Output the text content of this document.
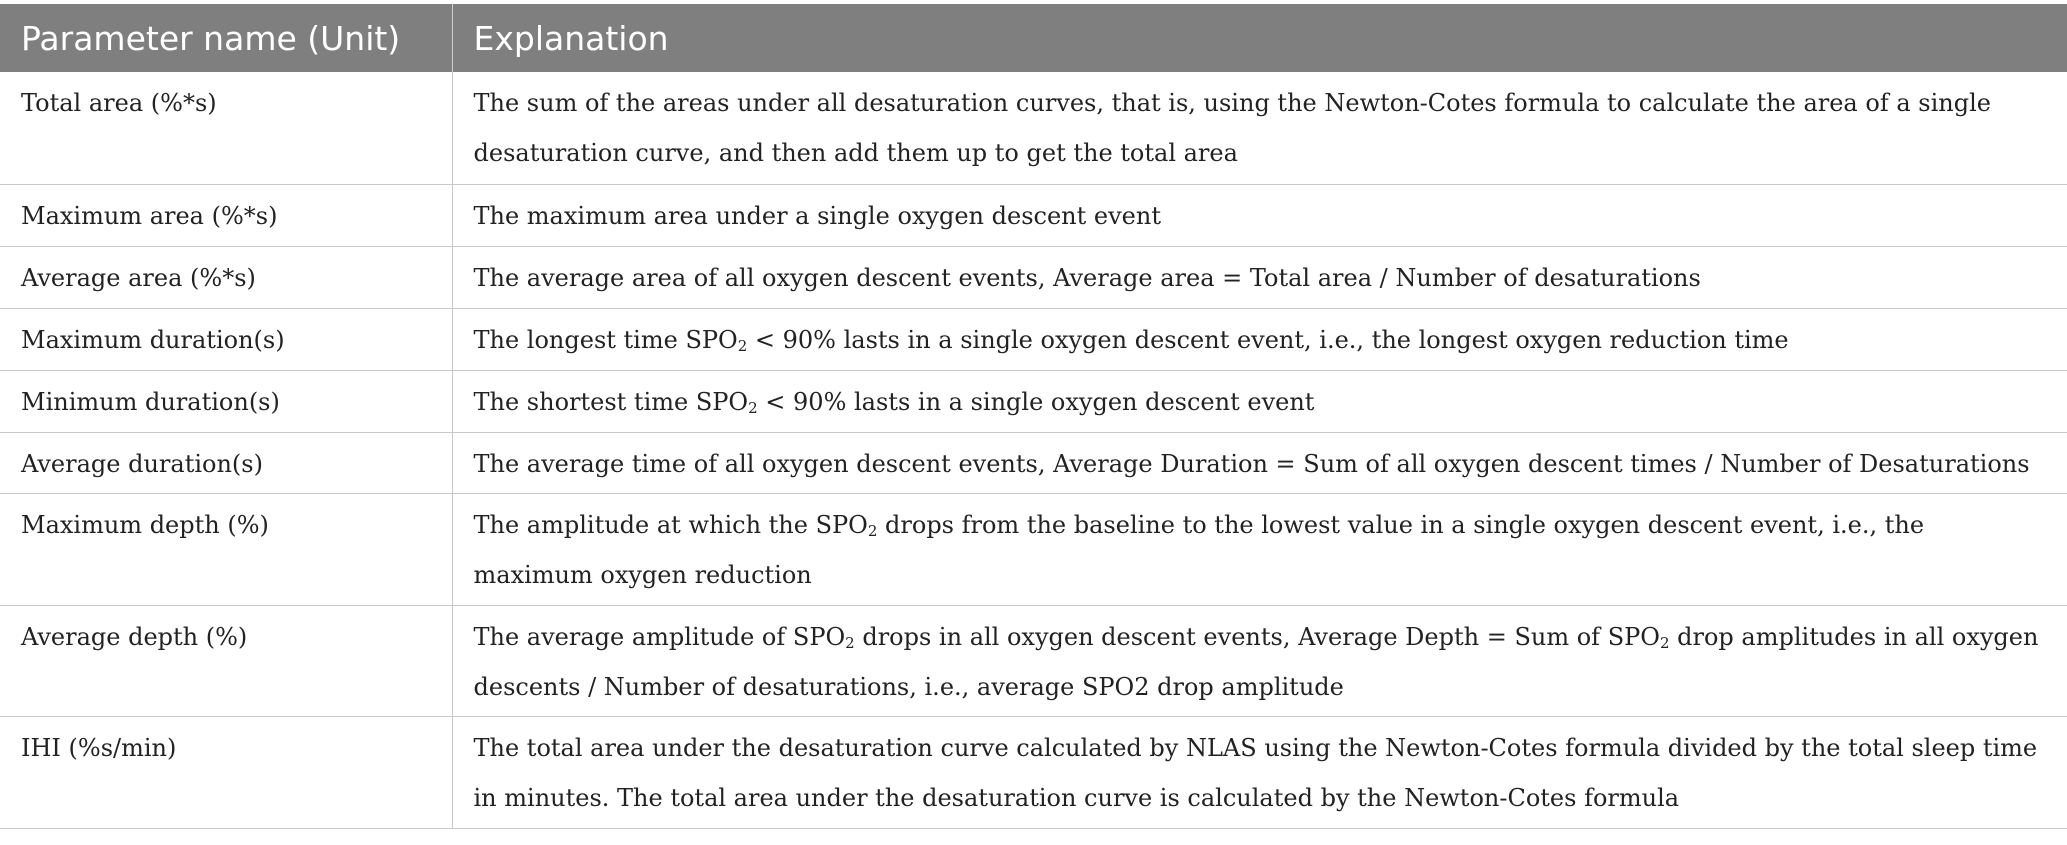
Parameter name (Unit)	Explanation

Total area (%*s)	The sum of the areas under all desaturation curves, that is, using the Newton-Cotes formula to calculate the area of a single desaturation curve, and then add them up to get the total area

Maximum area (%*s)	The maximum area under a single oxygen descent event

Average area (%*s)	The average area of all oxygen descent events, Average area = Total area / Number of desaturations

Maximum duration(s)	The longest time $SPO_2 < 90\%$ lasts in a single oxygen descent event, i.e., the longest oxygen reduction time

Minimum duration(s)	The shortest time $SPO_2 < 90\%$ lasts in a single oxygen descent event

Average duration(s)	The average time of all oxygen descent events, Average Duration = Sum of all oxygen descent times / Number of Desaturations

Maximum depth (%)	The amplitude at which the $SPO_2$ drops from the baseline to the lowest value in a single oxygen descent event, i.e., the maximum oxygen reduction

Average depth (%)	The average amplitude of $SPO_2$ drops in all oxygen descent events, Average Depth = Sum of $SPO_2$ drop amplitudes in all oxygen descents / Number of desaturations, i.e., average SPO2 drop amplitude

IHI (%s/min)	The total area under the desaturation curve calculated by NLAS using the Newton-Cotes formula divided by the total sleep time in minutes. The total area under the desaturation curve is calculated by the Newton-Cotes formula
